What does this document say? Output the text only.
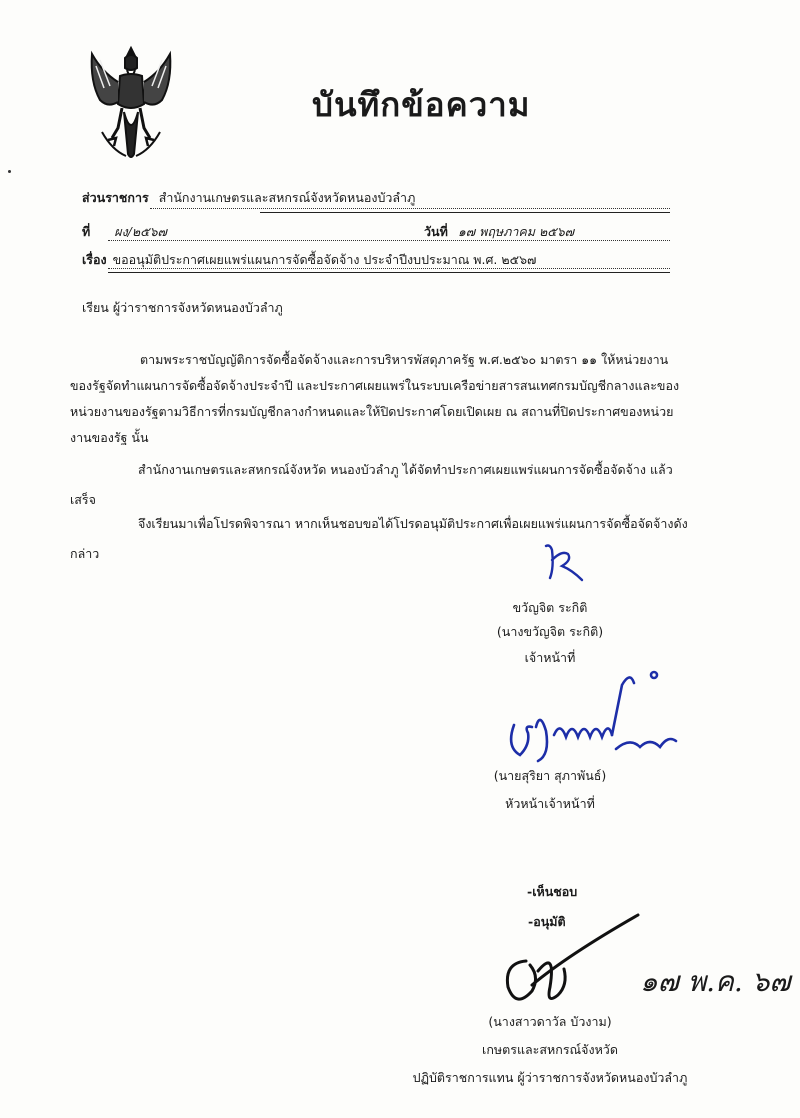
บันทึกข้อความ
ส่วนราชการ สำนักงานเกษตรและสหกรณ์จังหวัดหนองบัวลำภู
ที่ ผง/๒๕๖๗	วันที่ ๑๗ พฤษภาคม ๒๕๖๗
เรื่อง ขออนุมัติประกาศเผยแพร่แผนการจัดซื้อจัดจ้าง ประจำปีงบประมาณ พ.ศ. ๒๕๖๗
เรียน ผู้ว่าราชการจังหวัดหนองบัวลำภู
ตามพระราชบัญญัติการจัดซื้อจัดจ้างและการบริหารพัสดุภาครัฐ พ.ศ.๒๕๖๐ มาตรา ๑๑ ให้หน่วยงาน
ของรัฐจัดทำแผนการจัดซื้อจัดจ้างประจำปี และประกาศเผยแพร่ในระบบเครือข่ายสารสนเทศกรมบัญชีกลางและของ
หน่วยงานของรัฐตามวิธีการที่กรมบัญชีกลางกำหนดและให้ปิดประกาศโดยเปิดเผย ณ สถานที่ปิดประกาศของหน่วย
งานของรัฐ นั้น
สำนักงานเกษตรและสหกรณ์จังหวัด หนองบัวลำภู ได้จัดทำประกาศเผยแพร่แผนการจัดซื้อจัดจ้าง แล้ว
เสร็จ
จึงเรียนมาเพื่อโปรดพิจารณา หากเห็นชอบขอได้โปรดอนุมัติประกาศเพื่อเผยแพร่แผนการจัดซื้อจัดจ้างดัง
กล่าว
ขวัญจิต ระกิติ
(นางขวัญจิต ระกิติ)
เจ้าหน้าที่
(นายสุริยา สุภาพันธ์)
หัวหน้าเจ้าหน้าที่
-เห็นชอบ
-อนุมัติ
๑๗ พ.ค. ๖๗
(นางสาวดาวัล บัวงาม)
เกษตรและสหกรณ์จังหวัด
ปฏิบัติราชการแทน ผู้ว่าราชการจังหวัดหนองบัวลำภู
